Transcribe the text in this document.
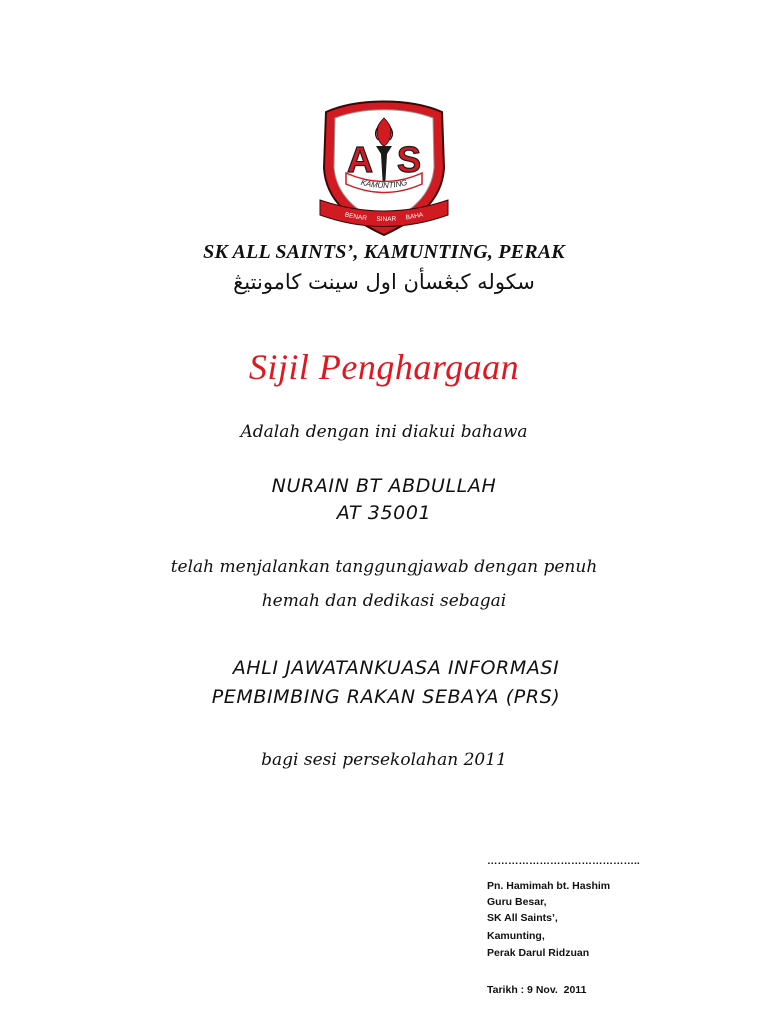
A S
KAMUNTING
BENAR SINAR BAHA
SK ALL SAINTS’, KAMUNTING, PERAK
سکوله کبڠسأن اول سينت کامونتيڠ
Sijil Penghargaan
Adalah dengan ini diakui bahawa
NURAIN BT ABDULLAH
AT 35001
telah menjalankan tanggungjawab dengan penuh
hemah dan dedikasi sebagai
AHLI JAWATANKUASA INFORMASI
PEMBIMBING RAKAN SEBAYA (PRS)
bagi sesi persekolahan 2011
……………………………………..
Pn. Hamimah bt. Hashim
Guru Besar,
SK All Saints’,
Kamunting,
Perak Darul Ridzuan
Tarikh : 9 Nov.  2011
